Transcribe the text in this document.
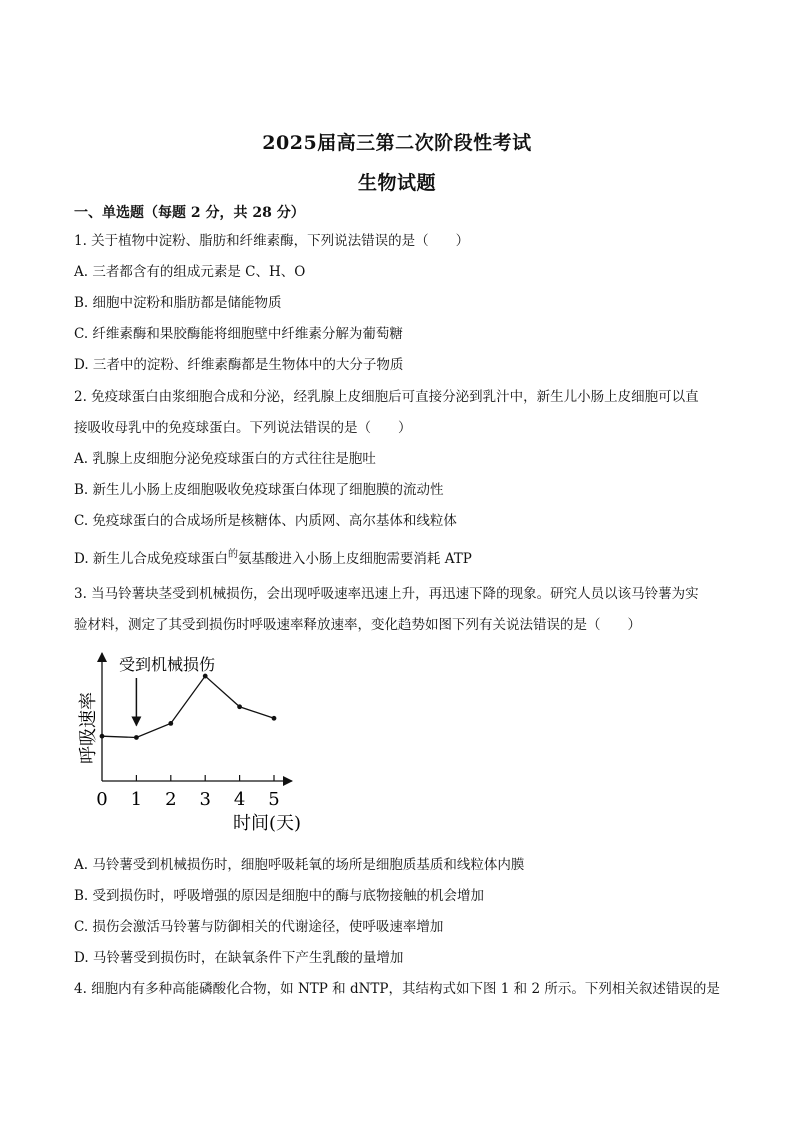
2025届高三第二次阶段性考试
生物试题
一、单选题（每题 2 分，共 28 分）
1. 关于植物中淀粉、脂肪和纤维素酶，下列说法错误的是（　　）
A. 三者都含有的组成元素是 C、H、O
B. 细胞中淀粉和脂肪都是储能物质
C. 纤维素酶和果胶酶能将细胞壁中纤维素分解为葡萄糖
D. 三者中的淀粉、纤维素酶都是生物体中的大分子物质
2. 免疫球蛋白由浆细胞合成和分泌，经乳腺上皮细胞后可直接分泌到乳汁中，新生儿小肠上皮细胞可以直
接吸收母乳中的免疫球蛋白。下列说法错误的是（　　）
A. 乳腺上皮细胞分泌免疫球蛋白的方式往往是胞吐
B. 新生儿小肠上皮细胞吸收免疫球蛋白体现了细胞膜的流动性
C. 免疫球蛋白的合成场所是核糖体、内质网、高尔基体和线粒体
D. 新生儿合成免疫球蛋白$^的$氨基酸进入小肠上皮细胞需要消耗 ATP
3. 当马铃薯块茎受到机械损伤，会出现呼吸速率迅速上升，再迅速下降的现象。研究人员以该马铃薯为实
验材料，测定了其受到损伤时呼吸速率释放速率，变化趋势如图下列有关说法错误的是（　　）
0 1 2 3 4 5
呼吸速率
时间(天)
受到机械损伤
A. 马铃薯受到机械损伤时，细胞呼吸耗氧的场所是细胞质基质和线粒体内膜
B. 受到损伤时，呼吸增强的原因是细胞中的酶与底物接触的机会增加
C. 损伤会激活马铃薯与防御相关的代谢途径，使呼吸速率增加
D. 马铃薯受到损伤时，在缺氧条件下产生乳酸的量增加
4. 细胞内有多种高能磷酸化合物，如 NTP 和 dNTP，其结构式如下图 1 和 2 所示。下列相关叙述错误的是
